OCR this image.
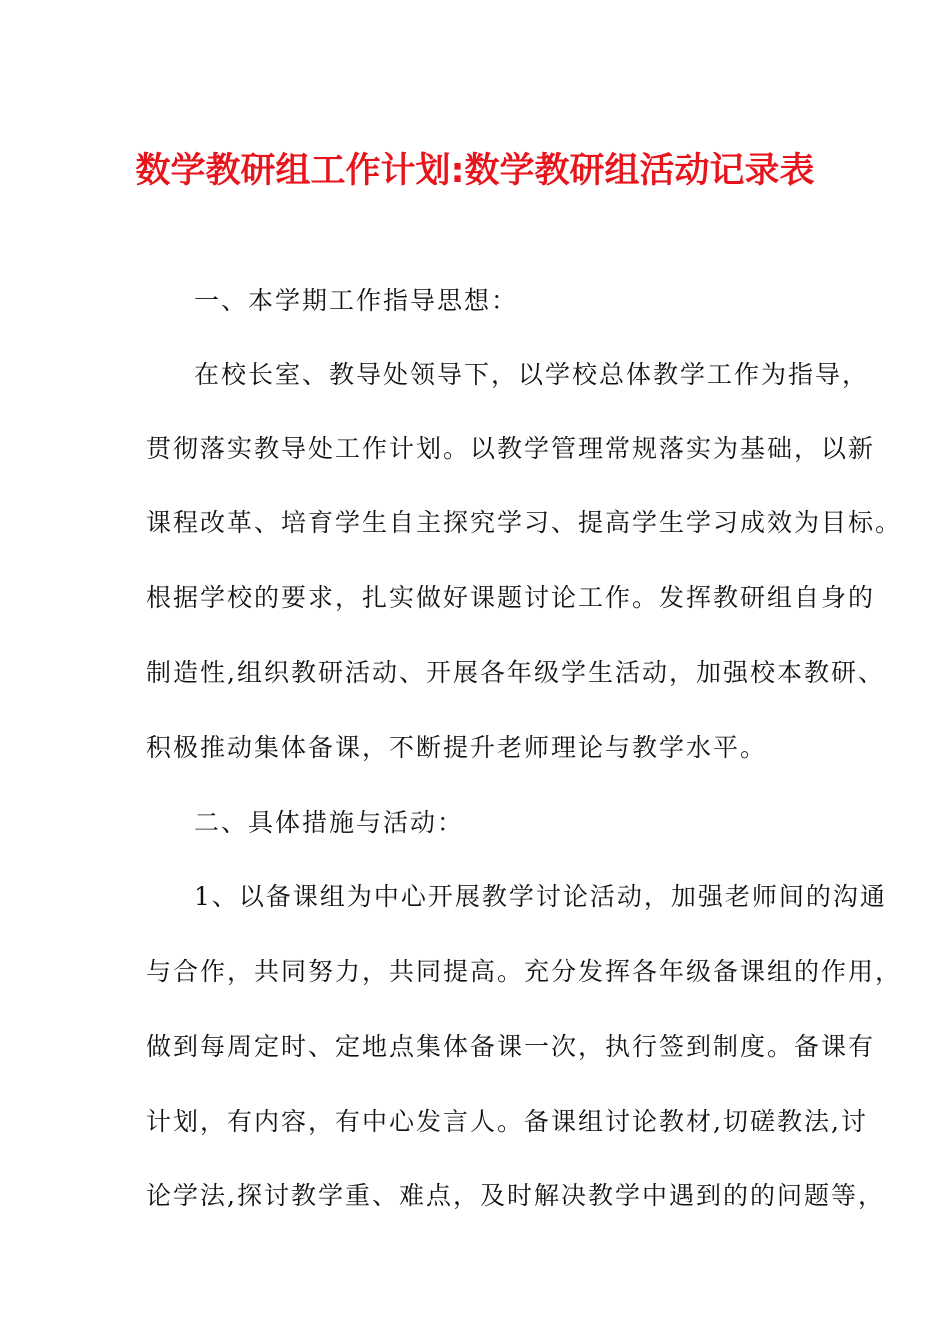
数学教研组工作计划:数学教研组活动记录表
一、本学期工作指导思想：
在校长室、教导处领导下，以学校总体教学工作为指导，
贯彻落实教导处工作计划。以教学管理常规落实为基础，以新
课程改革、培育学生自主探究学习、提高学生学习成效为目标。
根据学校的要求，扎实做好课题讨论工作。发挥教研组自身的
制造性,组织教研活动、开展各年级学生活动，加强校本教研、
积极推动集体备课，不断提升老师理论与教学水平。
二、具体措施与活动：
1、以备课组为中心开展教学讨论活动，加强老师间的沟通
与合作，共同努力，共同提高。充分发挥各年级备课组的作用，
做到每周定时、定地点集体备课一次，执行签到制度。备课有
计划，有内容，有中心发言人。备课组讨论教材,切磋教法,讨
论学法,探讨教学重、难点，及时解决教学中遇到的的问题等，
